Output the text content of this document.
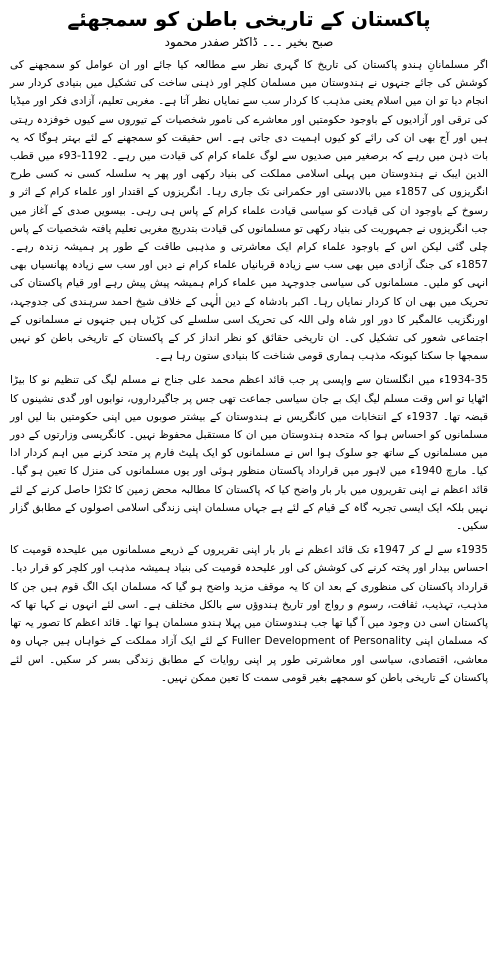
پاکستان کے تاریخی باطن کو سمجھئے
صبح بخیر ۔۔۔ ڈاکٹر صفدر محمود

اگر مسلمانانِ ہندو پاکستان کی تاریخ کا گہری نظر سے مطالعہ کیا جائے اور ان عوامل کو سمجھنے کی کوشش کی جائے جنہوں نے ہندوستان میں مسلمان کلچر اور ذہنی ساخت کی تشکیل میں بنیادی کردار سر انجام دیا تو ان میں اسلام یعنی مذہب کا کردار سب سے نمایاں نظر آتا ہے۔ مغربی تعلیم، آزادی فکر اور میڈیا کی ترقی اور آزادیوں کے باوجود حکومتیں اور معاشرے کی نامور شخصیات کے تیوروں سے کیوں خوفزدہ رہتی ہیں اور آج بھی ان کی رائے کو کیوں اہمیت دی جاتی ہے۔ اس حقیقت کو سمجھنے کے لئے بہتر ہوگا کہ یہ بات ذہن میں رہے کہ برصغیر میں صدیوں سے لوگ علماء کرام کی قیادت میں رہے۔ 1192-93ء میں قطب الدین ایبک نے ہندوستان میں پہلی اسلامی مملکت کی بنیاد رکھی اور پھر یہ سلسلہ کسی نہ کسی طرح انگریزوں کی 1857ء میں بالادستی اور حکمرانی تک جاری رہا۔ انگریزوں کے اقتدار اور علماء کرام کے اثر و رسوخ کے باوجود ان کی قیادت کو سیاسی قیادت علماء کرام کے پاس ہی رہی۔ بیسویں صدی کے آغاز میں جب انگریزوں نے جمہوریت کی بنیاد رکھی تو مسلمانوں کی قیادت بتدریج مغربی تعلیم یافتہ شخصیات کے پاس چلی گئی لیکن اس کے باوجود علماء کرام ایک معاشرتی و مذہبی طاقت کے طور پر ہمیشہ زندہ رہے۔ 1857ء کی جنگ آزادی میں بھی سب سے زیادہ قربانیاں علماء کرام نے دیں اور سب سے زیادہ پھانسیاں بھی انہی کو ملیں۔ مسلمانوں کی سیاسی جدوجہد میں علماء کرام ہمیشہ پیش پیش رہے اور قیام پاکستان کی تحریک میں بھی ان کا کردار نمایاں رہا۔ اکبر بادشاہ کے دین الٰہی کے خلاف شیخ احمد سرہندی کی جدوجہد، اورنگزیب عالمگیر کا دور اور شاہ ولی اللہ کی تحریک اسی سلسلے کی کڑیاں ہیں جنہوں نے مسلمانوں کے اجتماعی شعور کی تشکیل کی۔ ان تاریخی حقائق کو نظر انداز کر کے پاکستان کے تاریخی باطن کو نہیں سمجھا جا سکتا کیونکہ مذہب ہماری قومی شناخت کا بنیادی ستون رہا ہے۔

1934-35ء میں انگلستان سے واپسی پر جب قائد اعظم محمد علی جناح نے مسلم لیگ کی تنظیم نو کا بیڑا اٹھایا تو اس وقت مسلم لیگ ایک بے جان سیاسی جماعت تھی جس پر جاگیرداروں، نوابوں اور گدی نشینوں کا قبضہ تھا۔ 1937ء کے انتخابات میں کانگریس نے ہندوستان کے بیشتر صوبوں میں اپنی حکومتیں بنا لیں اور مسلمانوں کو احساس ہوا کہ متحدہ ہندوستان میں ان کا مستقبل محفوظ نہیں۔ کانگریسی وزارتوں کے دور میں مسلمانوں کے ساتھ جو سلوک ہوا اس نے مسلمانوں کو ایک پلیٹ فارم پر متحد کرنے میں اہم کردار ادا کیا۔ مارچ 1940ء میں لاہور میں قرارداد پاکستان منظور ہوئی اور یوں مسلمانوں کی منزل کا تعین ہو گیا۔ قائد اعظم نے اپنی تقریروں میں بار بار واضح کیا کہ پاکستان کا مطالبہ محض زمین کا ٹکڑا حاصل کرنے کے لئے نہیں بلکہ ایک ایسی تجربہ گاہ کے قیام کے لئے ہے جہاں مسلمان اپنی زندگی اسلامی اصولوں کے مطابق گزار سکیں۔

1935ء سے لے کر 1947ء تک قائد اعظم نے بار بار اپنی تقریروں کے ذریعے مسلمانوں میں علیحدہ قومیت کا احساس بیدار اور پختہ کرنے کی کوشش کی اور علیحدہ قومیت کی بنیاد ہمیشہ مذہب اور کلچر کو قرار دیا۔ قرارداد پاکستان کی منظوری کے بعد ان کا یہ موقف مزید واضح ہو گیا کہ مسلمان ایک الگ قوم ہیں جن کا مذہب، تہذیب، ثقافت، رسوم و رواج اور تاریخ ہندوؤں سے بالکل مختلف ہے۔ اسی لئے انہوں نے کہا تھا کہ پاکستان اسی دن وجود میں آ گیا تھا جب ہندوستان میں پہلا ہندو مسلمان ہوا تھا۔ قائد اعظم کا تصور یہ تھا کہ مسلمان اپنی Fuller Development of Personality کے لئے ایک آزاد مملکت کے خواہاں ہیں جہاں وہ معاشی، اقتصادی، سیاسی اور معاشرتی طور پر اپنی روایات کے مطابق زندگی بسر کر سکیں۔ اس لئے پاکستان کے تاریخی باطن کو سمجھے بغیر قومی سمت کا تعین ممکن نہیں۔
